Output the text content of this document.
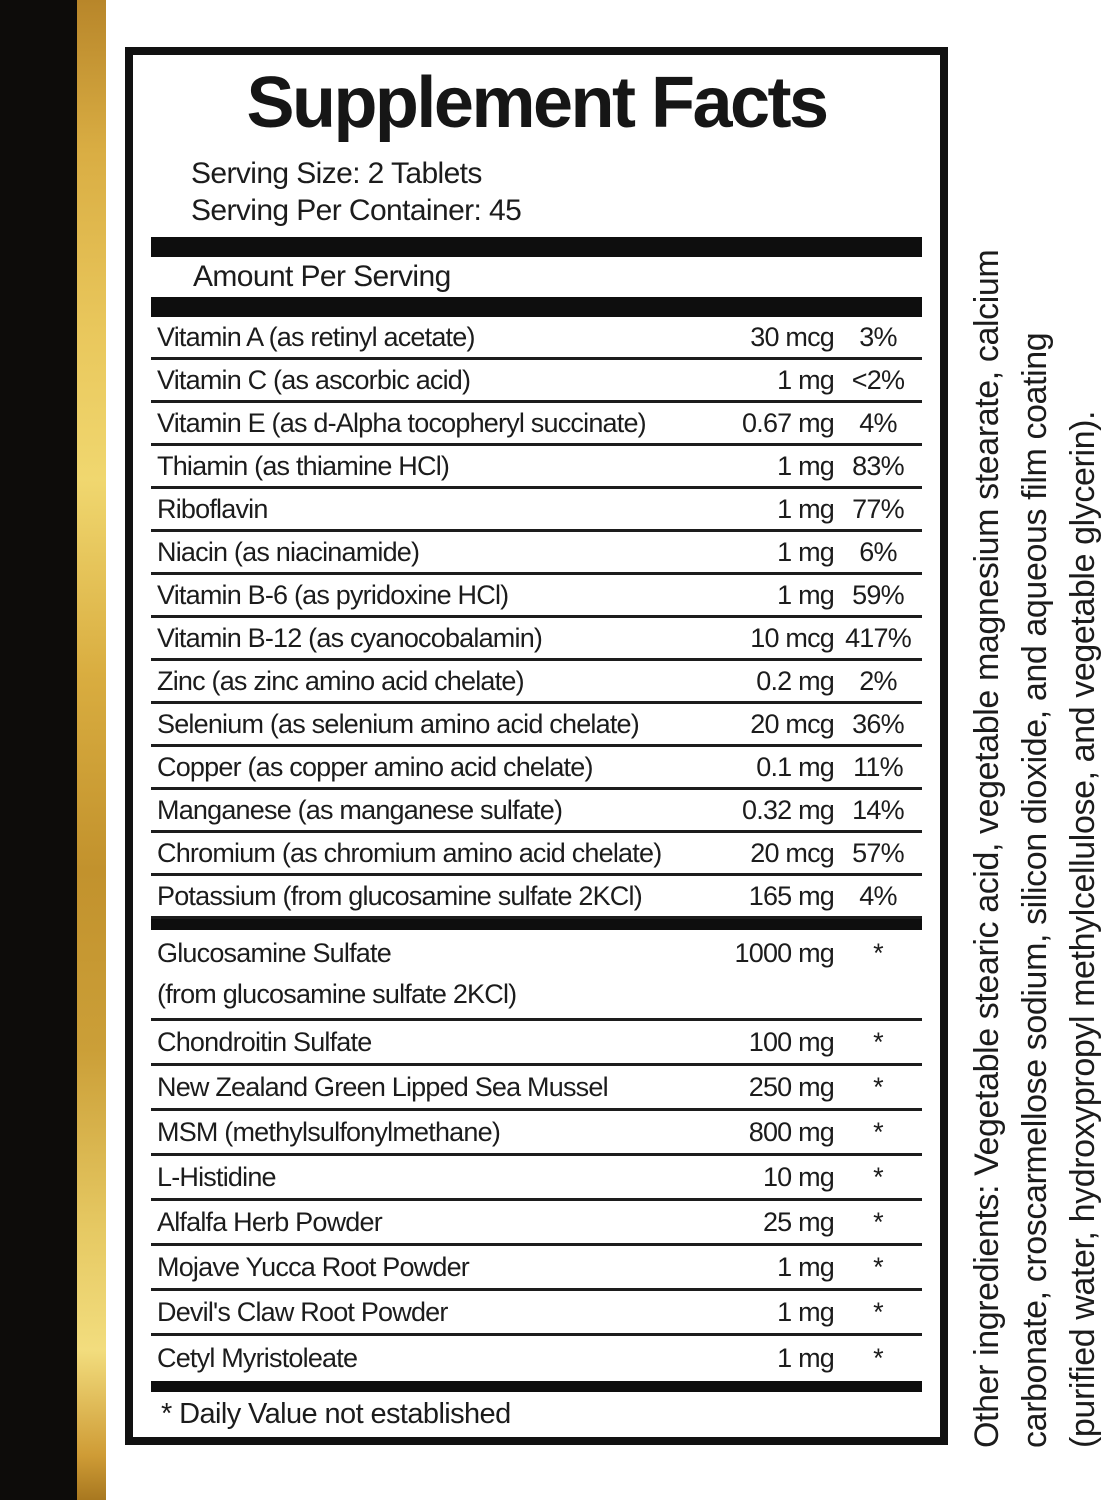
Supplement Facts
Serving Size: 2 Tablets
Serving Per Container: 45
Amount Per Serving
Vitamin A (as retinyl acetate)	30 mcg 3%
Vitamin C (as ascorbic acid)	1 mg <2%
Vitamin E (as d-Alpha tocopheryl succinate)	0.67 mg 4%
Thiamin (as thiamine HCl)	1 mg 83%
Riboflavin	1 mg 77%
Niacin (as niacinamide)	1 mg 6%
Vitamin B-6 (as pyridoxine HCl)	1 mg 59%
Vitamin B-12 (as cyanocobalamin)	10 mcg 417%
Zinc (as zinc amino acid chelate)	0.2 mg 2%
Selenium (as selenium amino acid chelate)	20 mcg 36%
Copper (as copper amino acid chelate)	0.1 mg 11%
Manganese (as manganese sulfate)	0.32 mg 14%
Chromium (as chromium amino acid chelate)	20 mcg 57%
Potassium (from glucosamine sulfate 2KCl)	165 mg 4%
Glucosamine Sulfate	1000 mg	*
(from glucosamine sulfate 2KCl)
Chondroitin Sulfate	100 mg	*
New Zealand Green Lipped Sea Mussel	250 mg	*
MSM (methylsulfonylmethane)	800 mg	*
L-Histidine	10 mg	*
Alfalfa Herb Powder	25 mg	*
Mojave Yucca Root Powder	1 mg	*
Devil's Claw Root Powder	1 mg	*
Cetyl Myristoleate	1 mg	*
* Daily Value not established	Other ingredients: Vegetable stearic acid, vegetable magnesium stearate, calcium carbonate, croscarmellose sodium, silicon dioxide, and aqueous film coating (purified water, hydroxypropyl methylcellulose, and vegetable glycerin).
